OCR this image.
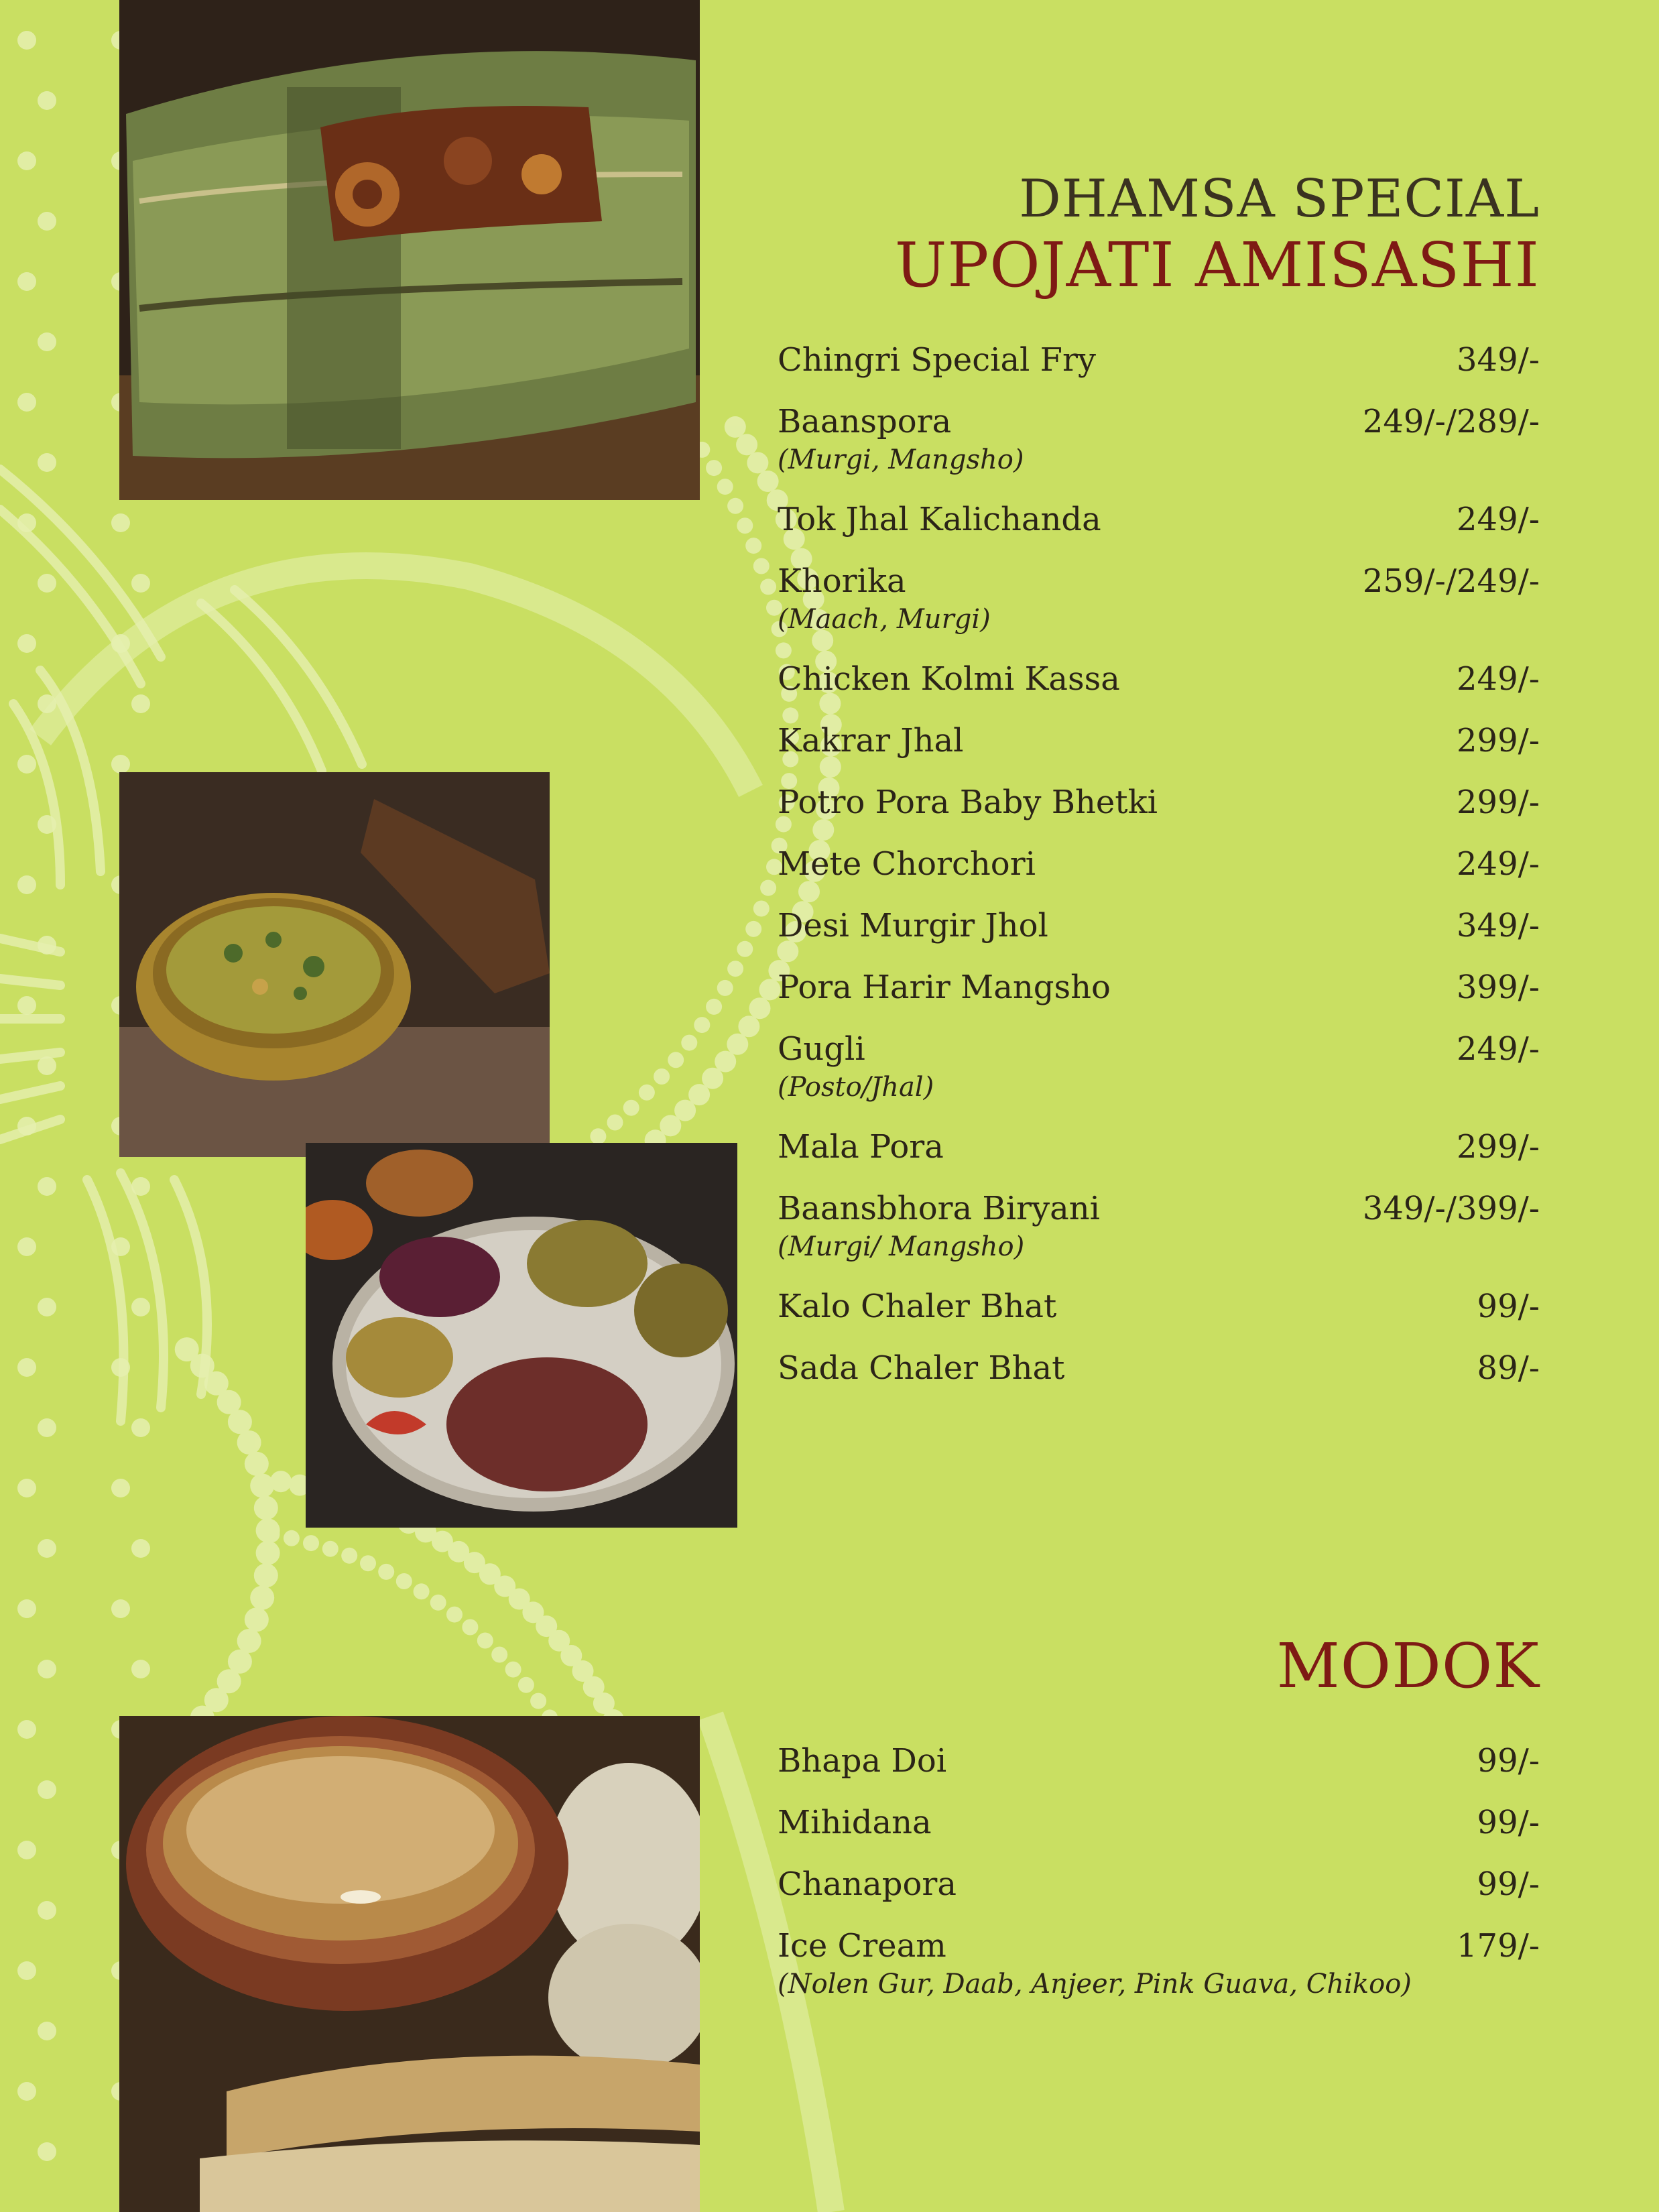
DHAMSA SPECIAL
UPOJATI AMISASHI
Chingri Special Fry	349/-
Baanspora	249/-/289/-
(Murgi, Mangsho)
Tok Jhal Kalichanda	249/-
Khorika	259/-/249/-
(Maach, Murgi)
Chicken Kolmi Kassa	249/-
Kakrar Jhal	299/-
Potro Pora Baby Bhetki	299/-
Mete Chorchori	249/-
Desi Murgir Jhol	349/-
Pora Harir Mangsho	399/-
Gugli	249/-
(Posto/Jhal)
Mala Pora	299/-
Baansbhora Biryani	349/-/399/-
(Murgi/ Mangsho)
Kalo Chaler Bhat	99/-
Sada Chaler Bhat	89/-
MODOK
Bhapa Doi	99/-
Mihidana	99/-
Chanapora	99/-
Ice Cream	179/-
(Nolen Gur, Daab, Anjeer, Pink Guava, Chikoo)
